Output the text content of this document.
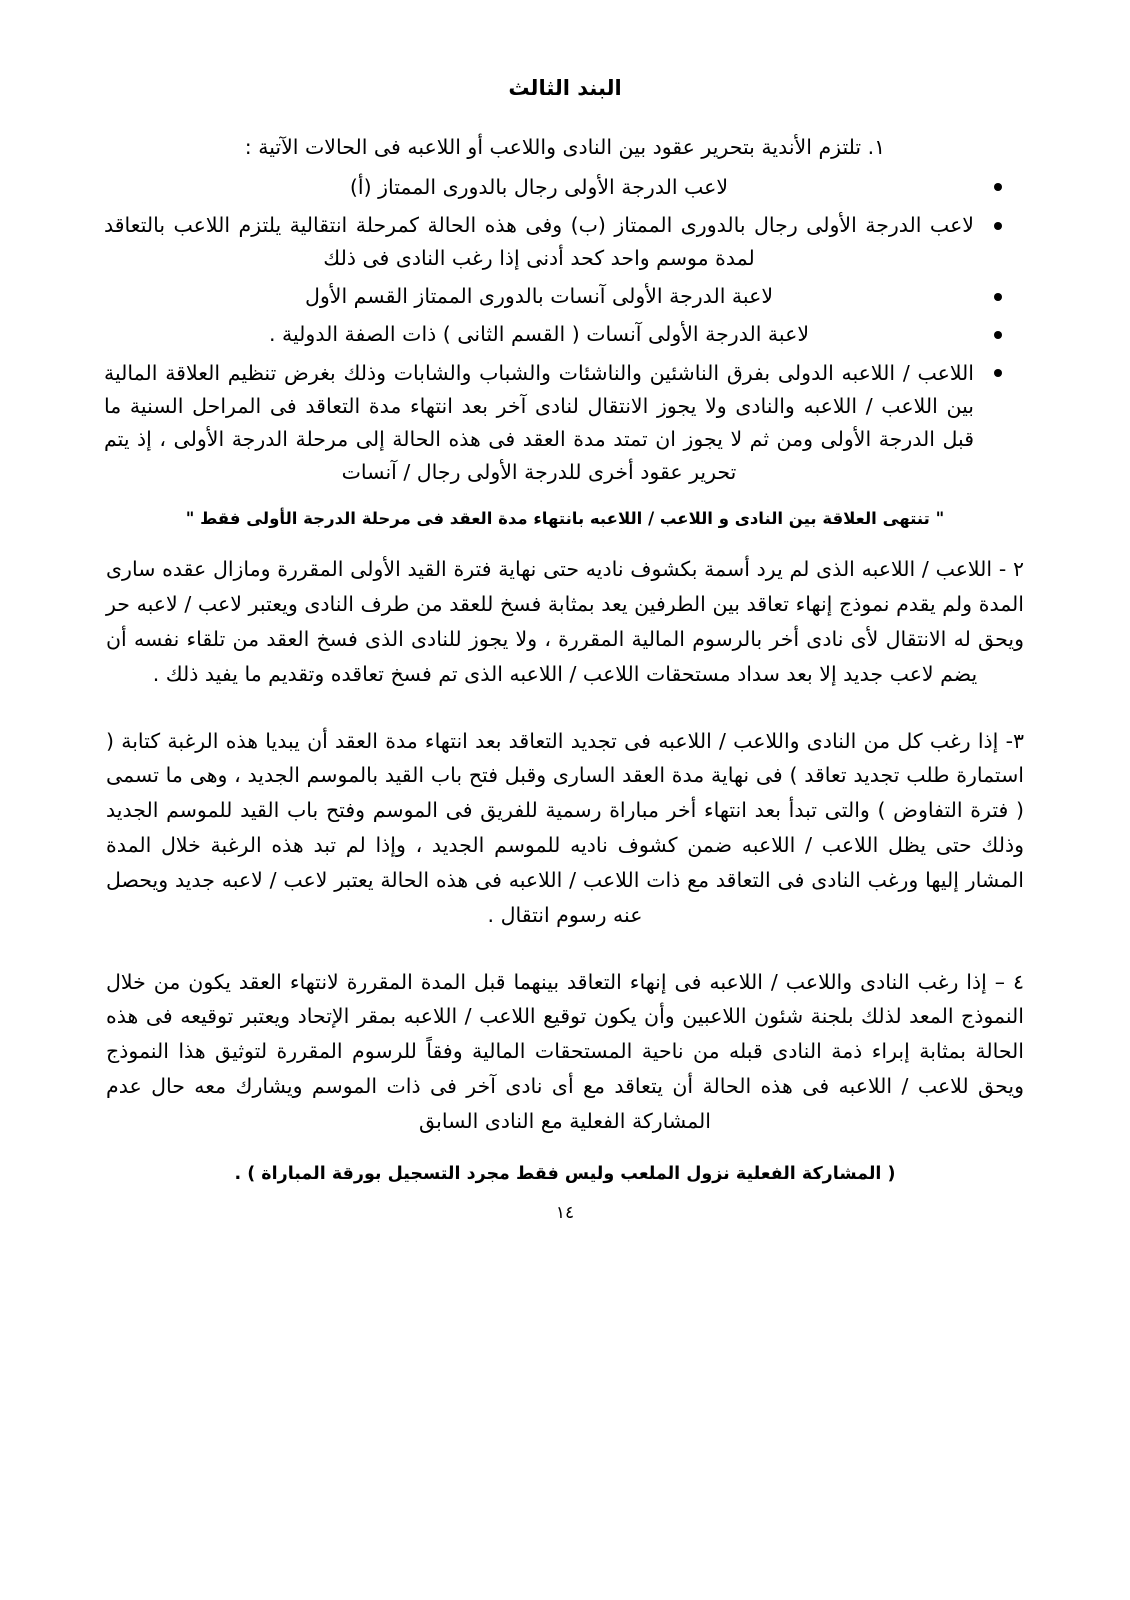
البند الثالث
١. تلتزم الأندية بتحرير عقود بين النادى واللاعب أو اللاعبه فى الحالات الآتية :
لاعب الدرجة الأولى رجال بالدورى الممتاز (أ)
لاعب الدرجة الأولى رجال بالدورى الممتاز (ب) وفى هذه الحالة كمرحلة انتقالية يلتزم اللاعب بالتعاقد لمدة موسم واحد كحد أدنى إذا رغب النادى فى ذلك
لاعبة الدرجة الأولى آنسات بالدورى الممتاز القسم الأول
لاعبة الدرجة الأولى آنسات ( القسم الثانى ) ذات الصفة الدولية .
اللاعب / اللاعبه الدولى بفرق الناشئين والناشئات والشباب والشابات وذلك بغرض تنظيم العلاقة المالية بين اللاعب / اللاعبه والنادى ولا يجوز الانتقال لنادى آخر بعد انتهاء مدة التعاقد فى المراحل السنية ما قبل الدرجة الأولى ومن ثم لا يجوز ان تمتد مدة العقد فى هذه الحالة إلى مرحلة الدرجة الأولى ، إذ يتم تحرير عقود أخرى للدرجة الأولى رجال / آنسات
" تنتهى العلاقة بين النادى و اللاعب / اللاعبه بانتهاء مدة العقد فى مرحلة الدرجة الأولى فقط "
٢ - اللاعب / اللاعبه الذى لم يرد أسمة بكشوف ناديه حتى نهاية فترة القيد الأولى المقررة ومازال عقده سارى المدة ولم يقدم نموذج إنهاء تعاقد بين الطرفين يعد بمثابة فسخ للعقد من طرف النادى ويعتبر لاعب / لاعبه حر ويحق له الانتقال لأى نادى أخر بالرسوم المالية المقررة ، ولا يجوز للنادى الذى فسخ العقد من تلقاء نفسه أن يضم لاعب جديد إلا بعد سداد مستحقات اللاعب / اللاعبه الذى تم فسخ تعاقده وتقديم ما يفيد ذلك .
٣- إذا رغب كل من النادى واللاعب / اللاعبه فى تجديد التعاقد بعد انتهاء مدة العقد أن يبديا هذه الرغبة كتابة ( استمارة طلب تجديد تعاقد ) فى نهاية مدة العقد السارى وقبل فتح باب القيد بالموسم الجديد ، وهى ما تسمى ( فترة التفاوض ) والتى تبدأ بعد انتهاء أخر مباراة رسمية للفريق فى الموسم وفتح باب القيد للموسم الجديد وذلك حتى يظل اللاعب / اللاعبه ضمن كشوف ناديه للموسم الجديد ، وإذا لم تبد هذه الرغبة خلال المدة المشار إليها ورغب النادى فى التعاقد مع ذات اللاعب / اللاعبه فى هذه الحالة يعتبر لاعب / لاعبه جديد ويحصل عنه رسوم انتقال .
٤ – إذا رغب النادى واللاعب / اللاعبه فى إنهاء التعاقد بينهما قبل المدة المقررة لانتهاء العقد يكون من خلال النموذج المعد لذلك بلجنة شئون اللاعبين وأن يكون توقيع اللاعب / اللاعبه بمقر الإتحاد ويعتبر توقيعه فى هذه الحالة بمثابة إبراء ذمة النادى قبله من ناحية المستحقات المالية وفقاً للرسوم المقررة لتوثيق هذا النموذج ويحق للاعب / اللاعبه فى هذه الحالة أن يتعاقد مع أى نادى آخر فى ذات الموسم ويشارك معه حال عدم المشاركة الفعلية مع النادى السابق
( المشاركة الفعلية نزول الملعب وليس فقط مجرد التسجيل بورقة المباراة ) .
١٤
